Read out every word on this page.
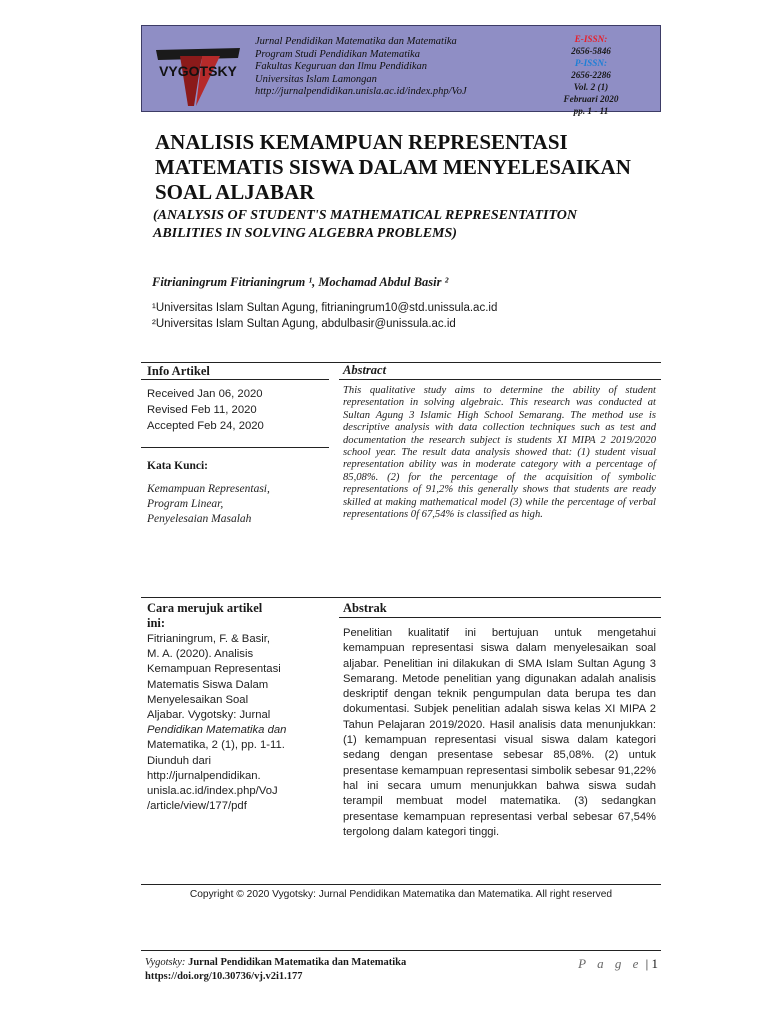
VYGOTSKY
Jurnal Pendidikan Matematika dan Matematika
Program Studi Pendidikan Matematika
Fakultas Keguruan dan Ilmu Pendidikan
Universitas Islam Lamongan
http://jurnalpendidikan.unisla.ac.id/index.php/VoJ
E-ISSN:
2656-5846
P-ISSN:
2656-2286
Vol. 2 (1)
Februari 2020
pp. 1 - 11
ANALISIS KEMAMPUAN REPRESENTASI
MATEMATIS SISWA DALAM MENYELESAIKAN
SOAL ALJABAR
(ANALYSIS OF STUDENT'S MATHEMATICAL REPRESENTATITON
ABILITIES IN SOLVING ALGEBRA PROBLEMS)
Fitrianingrum Fitrianingrum ¹, Mochamad Abdul Basir ²
¹Universitas Islam Sultan Agung, fitrianingrum10@std.unissula.ac.id
²Universitas Islam Sultan Agung, abdulbasir@unissula.ac.id
Info Artikel
Received Jan 06, 2020
Revised Feb 11, 2020
Accepted Feb 24, 2020
Kata Kunci:
Kemampuan Representasi,
Program Linear,
Penyelesaian Masalah
Cara merujuk artikel
ini:
Fitrianingrum, F. & Basir,
M. A. (2020). Analisis
Kemampuan Representasi
Matematis Siswa Dalam
Menyelesaikan Soal
Aljabar. Vygotsky: Jurnal
Pendidikan Matematika dan
Matematika, 2 (1), pp. 1-11.
Diunduh dari
http://jurnalpendidikan.
unisla.ac.id/index.php/VoJ
/article/view/177/pdf
Abstract
This qualitative study aims to determine the ability of student representation in solving algebraic. This research was conducted at Sultan Agung 3 Islamic High School Semarang. The method use is descriptive analysis with data collection techniques such as test and documentation the research subject is students XI MIPA 2 2019/2020 school year. The result data analysis showed that: (1) student visual representation ability was in moderate category with a percentage of 85,08%. (2) for the percentage of the acquisition of symbolic representations of 91,2% this generally shows that students are ready skilled at making mathematical model (3) while the percentage of verbal representations 0f 67,54% is classified as high.
Abstrak
Penelitian kualitatif ini bertujuan untuk mengetahui kemampuan representasi siswa dalam menyelesaikan soal aljabar. Penelitian ini dilakukan di SMA Islam Sultan Agung 3 Semarang. Metode penelitian yang digunakan adalah analisis deskriptif dengan teknik pengumpulan data berupa tes dan dokumentasi. Subjek penelitian adalah siswa kelas XI MIPA 2 Tahun Pelajaran 2019/2020. Hasil analisis data menunjukkan: (1) kemampuan representasi visual siswa dalam kategori sedang dengan presentase sebesar 85,08%. (2) untuk presentase kemampuan representasi simbolik sebesar 91,22% hal ini secara umum menunjukkan bahwa siswa sudah terampil membuat model matematika. (3) sedangkan presentase kemampuan representasi verbal sebesar 67,54% tergolong dalam kategori tinggi.
Copyright © 2020 Vygotsky: Jurnal Pendidikan Matematika dan Matematika. All right reserved
Vygotsky: Jurnal Pendidikan Matematika dan Matematika
https://doi.org/10.30736/vj.v2i1.177
P a g e | 1
